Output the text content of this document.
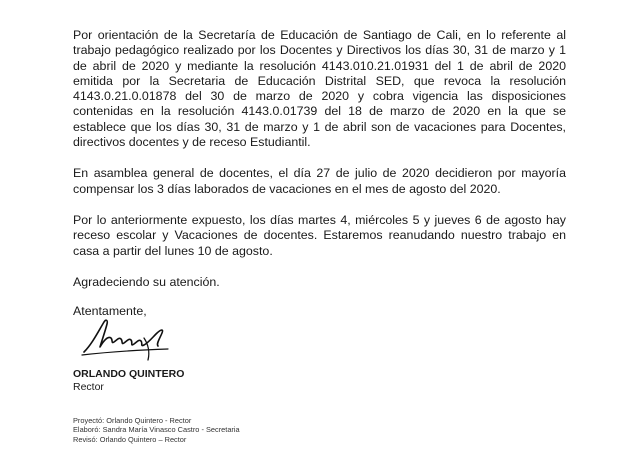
Por orientación de la Secretaría de Educación de Santiago de Cali, en lo referente al trabajo pedagógico realizado por los Docentes y Directivos los días 30, 31 de marzo y 1 de abril de 2020 y mediante la resolución 4143.010.21.01931 del 1 de abril de 2020 emitida por la Secretaria de Educación Distrital SED, que revoca la resolución 4143.0.21.0.01878 del 30 de marzo de 2020 y cobra vigencia las disposiciones contenidas en la resolución 4143.0.01739 del 18 de marzo de 2020 en la que se establece que los días 30, 31 de marzo y 1 de abril son de vacaciones para Docentes, directivos docentes y de receso Estudiantil.

En asamblea general de docentes, el día 27 de julio de 2020 decidieron por mayoría compensar los 3 días laborados de vacaciones en el mes de agosto del 2020.

Por lo anteriormente expuesto, los días martes 4, miércoles 5 y jueves 6 de agosto hay receso escolar y Vacaciones de docentes. Estaremos reanudando nuestro trabajo en casa a partir del lunes 10 de agosto.

Agradeciendo su atención.

Atentamente,

ORLANDO QUINTERO
Rector
Proyectó: Orlando Quintero - Rector
Elaboró: Sandra María Vinasco Castro - Secretaria
Revisó: Orlando Quintero – Rector
